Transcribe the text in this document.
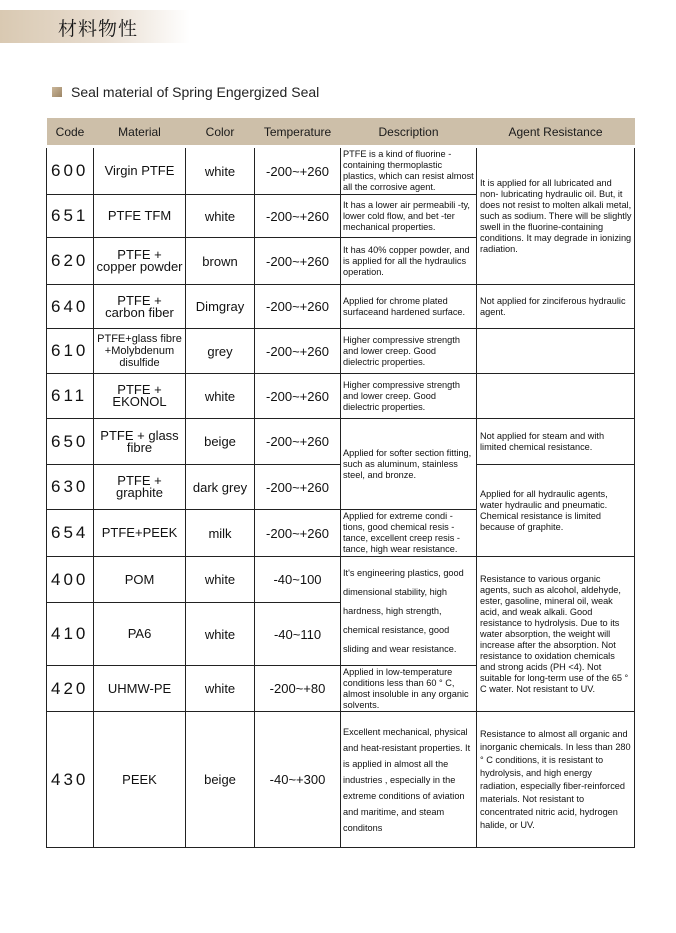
材料物性
Seal material of Spring Engergized Seal
Code	Material	Color	Temperature	Description	Agent Resistance
600	Virgin PTFE	white	-200~+260	PTFE is a kind of fluorine -containing thermoplastic plastics, which can resist almost all the corrosive agent.	It is applied for all lubricated and non- lubricating hydraulic oil. But, it does not resist to molten alkali metal, such as sodium. There will be slightly swell in the fluorine-containing conditions. It may degrade in ionizing radiation.
651	PTFE TFM	white	-200~+260	It has a lower air permeabili -ty, lower cold flow, and bet -ter mechanical properties.	
620	PTFE + copper powder	brown	-200~+260	It has 40% copper powder, and is applied for all the hydraulics operation.	
640	PTFE + carbon fiber	Dimgray	-200~+260	Applied for chrome plated surfaceand hardened surface.	Not applied for zinciferous hydraulic agent.
610	PTFE+glass fibre +Molybdenum disulfide	grey	-200~+260	Higher compressive strength and lower creep. Good dielectric properties.	
611	PTFE + EKONOL	white	-200~+260	Higher compressive strength and lower creep. Good dielectric properties.	
650	PTFE + glass fibre	beige	-200~+260	Applied for softer section fitting, such as aluminum, stainless steel, and bronze.	Not applied for steam and with limited chemical resistance.
630	PTFE + graphite	dark grey	-200~+260		Applied for all hydraulic agents, water hydraulic and pneumatic. Chemical resistance is limited because of graphite.
654	PTFE+PEEK	milk	-200~+260	Applied for extreme condi -tions, good chemical resis -tance, excellent creep resis -tance, high wear resistance.	
400	POM	white	-40~100	It's engineering plastics, good dimensional stability, high hardness, high strength, chemical resistance, good sliding and wear resistance.	Resistance to various organic agents, such as alcohol, aldehyde, ester, gasoline, mineral oil, weak acid, and weak alkali. Good resistance to hydrolysis. Due to its water absorption, the weight will increase after the absorption. Not resistance to oxidation chemicals and strong acids (PH <4). Not suitable for long-term use of the 65 ° C water. Not resistant to UV.
410	PA6	white	-40~110		
420	UHMW-PE	white	-200~+80	Applied in low-temperature conditions less than 60 ° C, almost insoluble in any organic solvents.	
430	PEEK	beige	-40~+300	Excellent mechanical, physical and heat-resistant properties. It is applied in almost all the industries , especially in the extreme conditions of aviation and maritime, and steam conditons	Resistance to almost all organic and inorganic chemicals. In less than 280 ° C conditions, it is resistant to hydrolysis, and high energy radiation, especially fiber-reinforced materials. Not resistant to concentrated nitric acid, hydrogen halide, or UV.
